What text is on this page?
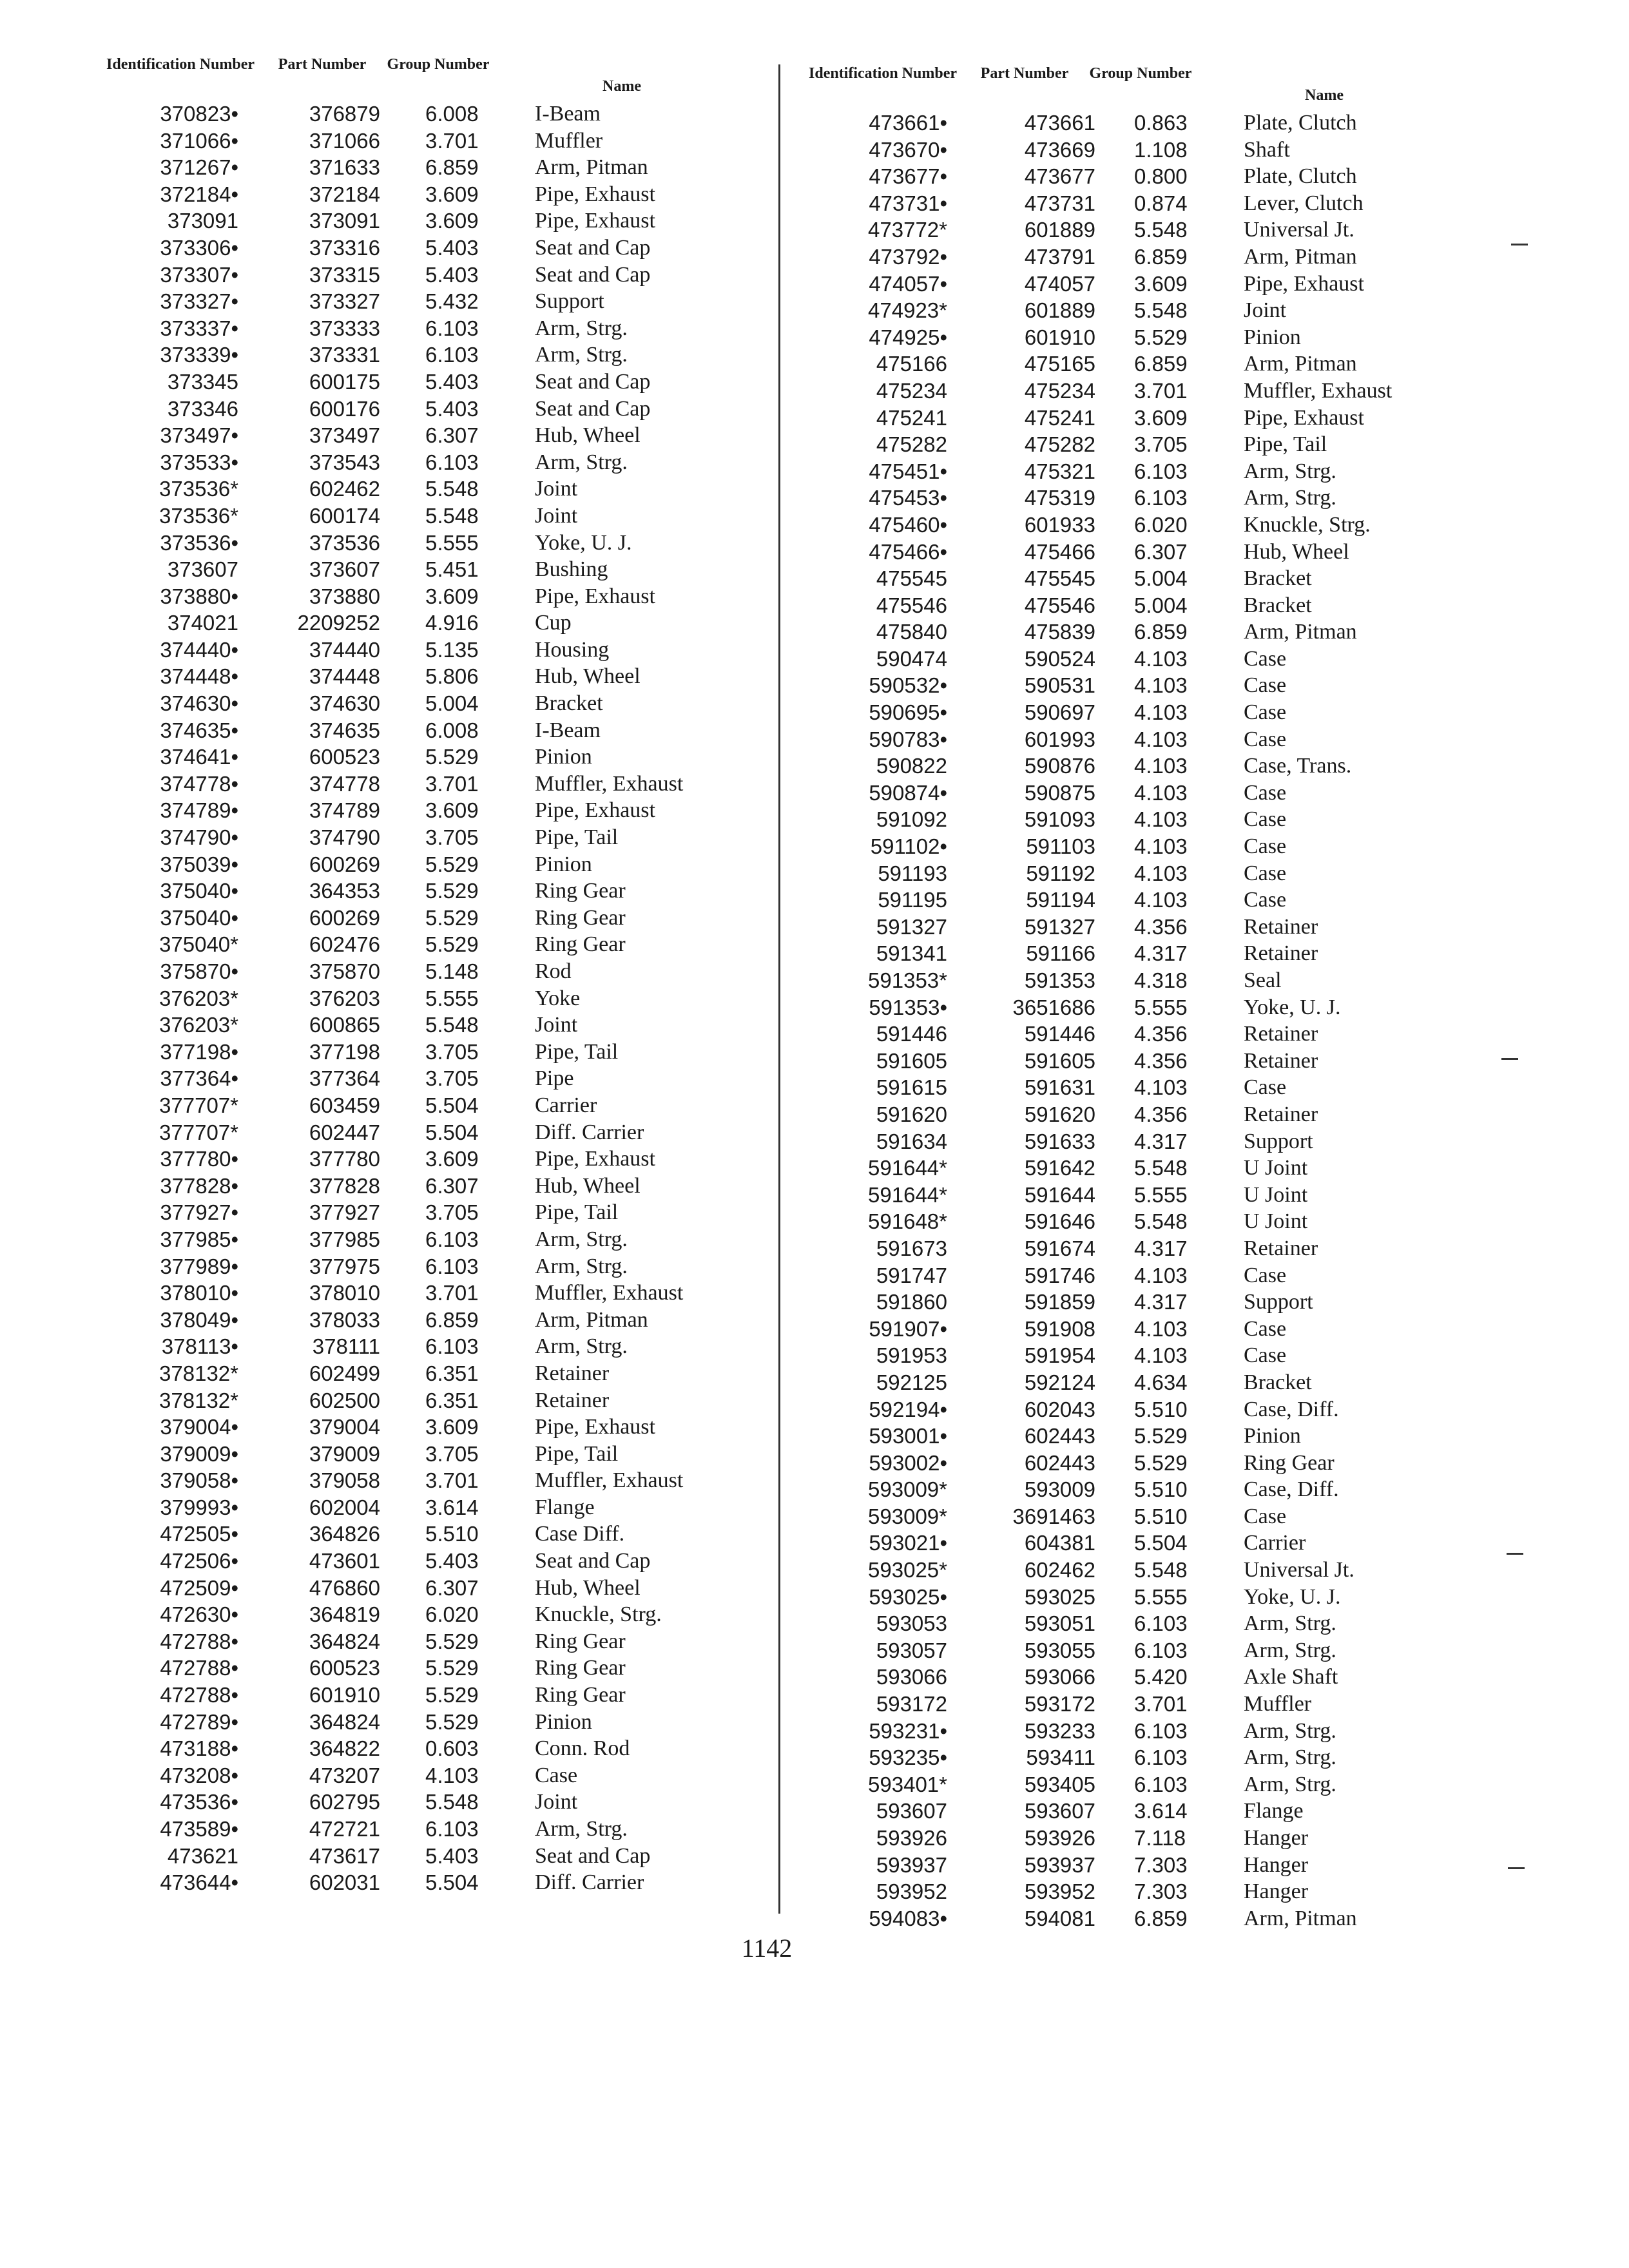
Identification Number	Part Number	Group Number
Name
370823•	376879 6.008	I-Beam
371066•	371066 3.701	Muffler
371267•	371633 6.859	Arm, Pitman
372184•	372184 3.609	Pipe, Exhaust
373091	373091 3.609	Pipe, Exhaust
373306•	373316 5.403	Seat and Cap
373307•	373315 5.403	Seat and Cap
373327•	373327 5.432	Support
373337•	373333 6.103	Arm, Strg.
373339•	373331 6.103	Arm, Strg.
373345	600175 5.403	Seat and Cap
373346	600176 5.403	Seat and Cap
373497•	373497 6.307	Hub, Wheel
373533•	373543 6.103	Arm, Strg.
373536*	602462 5.548	Joint
373536*	600174 5.548	Joint
373536•	373536 5.555	Yoke, U. J.
373607	373607 5.451	Bushing
373880•	373880 3.609	Pipe, Exhaust
374021	2209252 4.916	Cup
374440•	374440 5.135	Housing
374448•	374448 5.806	Hub, Wheel
374630•	374630 5.004	Bracket
374635•	374635 6.008	I-Beam
374641•	600523 5.529	Pinion
374778•	374778 3.701	Muffler, Exhaust
374789•	374789 3.609	Pipe, Exhaust
374790•	374790 3.705	Pipe, Tail
375039•	600269 5.529	Pinion
375040•	364353 5.529	Ring Gear
375040•	600269 5.529	Ring Gear
375040*	602476 5.529	Ring Gear
375870•	375870 5.148	Rod
376203*	376203 5.555	Yoke
376203*	600865 5.548	Joint
377198•	377198 3.705	Pipe, Tail
377364•	377364 3.705	Pipe
377707*	603459 5.504	Carrier
377707*	602447 5.504	Diff. Carrier
377780•	377780 3.609	Pipe, Exhaust
377828•	377828 6.307	Hub, Wheel
377927•	377927 3.705	Pipe, Tail
377985•	377985 6.103	Arm, Strg.
377989•	377975 6.103	Arm, Strg.
378010•	378010 3.701	Muffler, Exhaust
378049•	378033 6.859	Arm, Pitman
378113•	378111 6.103	Arm, Strg.
378132*	602499 6.351	Retainer
378132*	602500 6.351	Retainer
379004•	379004 3.609	Pipe, Exhaust
379009•	379009 3.705	Pipe, Tail
379058•	379058 3.701	Muffler, Exhaust
379993•	602004 3.614	Flange
472505•	364826 5.510	Case Diff.
472506•	473601 5.403	Seat and Cap
472509•	476860 6.307	Hub, Wheel
472630•	364819 6.020	Knuckle, Strg.
472788•	364824 5.529	Ring Gear
472788•	600523 5.529	Ring Gear
472788•	601910 5.529	Ring Gear
472789•	364824 5.529	Pinion
473188•	364822 0.603	Conn. Rod
473208•	473207 4.103	Case
473536•	602795 5.548	Joint
473589•	472721 6.103	Arm, Strg.
473621	473617 5.403	Seat and Cap
473644•	602031 5.504	Diff. Carrier
Identification Number	Part Number	Group Number
Name
473661•	473661 0.863	Plate, Clutch
473670•	473669 1.108	Shaft
473677•	473677 0.800	Plate, Clutch
473731•	473731 0.874	Lever, Clutch
473772*	601889 5.548	Universal Jt.
473792•	473791 6.859	Arm, Pitman
474057•	474057 3.609	Pipe, Exhaust
474923*	601889 5.548	Joint
474925•	601910 5.529	Pinion
475166	475165 6.859	Arm, Pitman
475234	475234 3.701	Muffler, Exhaust
475241	475241 3.609	Pipe, Exhaust
475282	475282 3.705	Pipe, Tail
475451•	475321 6.103	Arm, Strg.
475453•	475319 6.103	Arm, Strg.
475460•	601933 6.020	Knuckle, Strg.
475466•	475466 6.307	Hub, Wheel
475545	475545 5.004	Bracket
475546	475546 5.004	Bracket
475840	475839 6.859	Arm, Pitman
590474	590524 4.103	Case
590532•	590531 4.103	Case
590695•	590697 4.103	Case
590783•	601993 4.103	Case
590822	590876 4.103	Case, Trans.
590874•	590875 4.103	Case
591092	591093 4.103	Case
591102•	591103 4.103	Case
591193	591192 4.103	Case
591195	591194 4.103	Case
591327	591327 4.356	Retainer
591341	591166 4.317	Retainer
591353*	591353 4.318	Seal
591353•	3651686 5.555	Yoke, U. J.
591446	591446 4.356	Retainer
591605	591605 4.356	Retainer
591615	591631 4.103	Case
591620	591620 4.356	Retainer
591634	591633 4.317	Support
591644*	591642 5.548	U Joint
591644*	591644 5.555	U Joint
591648*	591646 5.548	U Joint
591673	591674 4.317	Retainer
591747	591746 4.103	Case
591860	591859 4.317	Support
591907•	591908 4.103	Case
591953	591954 4.103	Case
592125	592124 4.634	Bracket
592194•	602043 5.510	Case, Diff.
593001•	602443 5.529	Pinion
593002•	602443 5.529	Ring Gear
593009*	593009 5.510	Case, Diff.
593009*	3691463 5.510	Case
593021•	604381 5.504	Carrier
593025*	602462 5.548	Universal Jt.
593025•	593025 5.555	Yoke, U. J.
593053	593051 6.103	Arm, Strg.
593057	593055 6.103	Arm, Strg.
593066	593066 5.420	Axle Shaft
593172	593172 3.701	Muffler
593231•	593233 6.103	Arm, Strg.
593235•	593411 6.103	Arm, Strg.
593401*	593405 6.103	Arm, Strg.
593607	593607 3.614	Flange
593926	593926 7.118	Hanger
593937	593937 7.303	Hanger
593952	593952 7.303	Hanger
594083•	594081 6.859	Arm, Pitman
1142
